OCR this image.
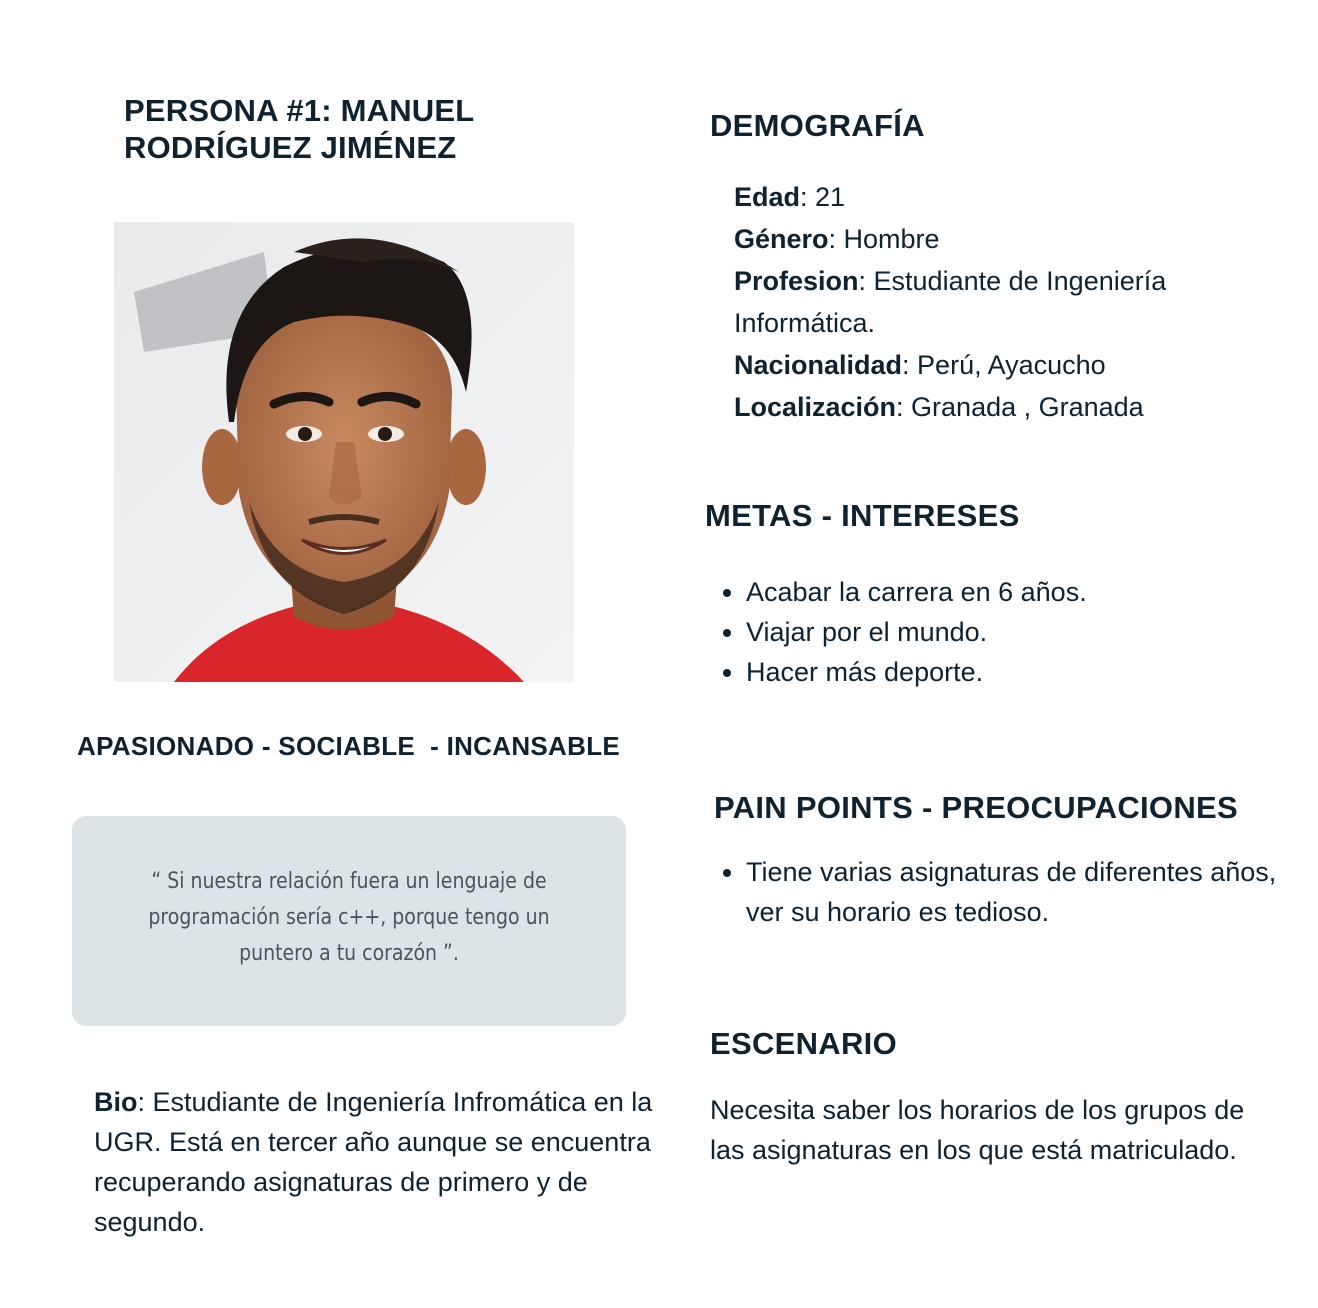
PERSONA #1: MANUEL RODRÍGUEZ JIMÉNEZ
APASIONADO - SOCIABLE  - INCANSABLE
“ Si nuestra relación fuera un lenguaje de programación sería c++, porque tengo un puntero a tu corazón ”.
Bio: Estudiante de Ingeniería Infromática en la UGR. Está en tercer año aunque se encuentra recuperando asignaturas de primero y de segundo.
DEMOGRAFÍA
Edad: 21
Género: Hombre
Profesion: Estudiante de Ingeniería Informática.
Nacionalidad: Perú, Ayacucho
Localización: Granada , Granada
METAS - INTERESES
• Acabar la carrera en 6 años.
• Viajar por el mundo.
• Hacer más deporte.
PAIN POINTS - PREOCUPACIONES
• Tiene varias asignaturas de diferentes años, ver su horario es tedioso.
ESCENARIO
Necesita saber los horarios de los grupos de las asignaturas en los que está matriculado.
